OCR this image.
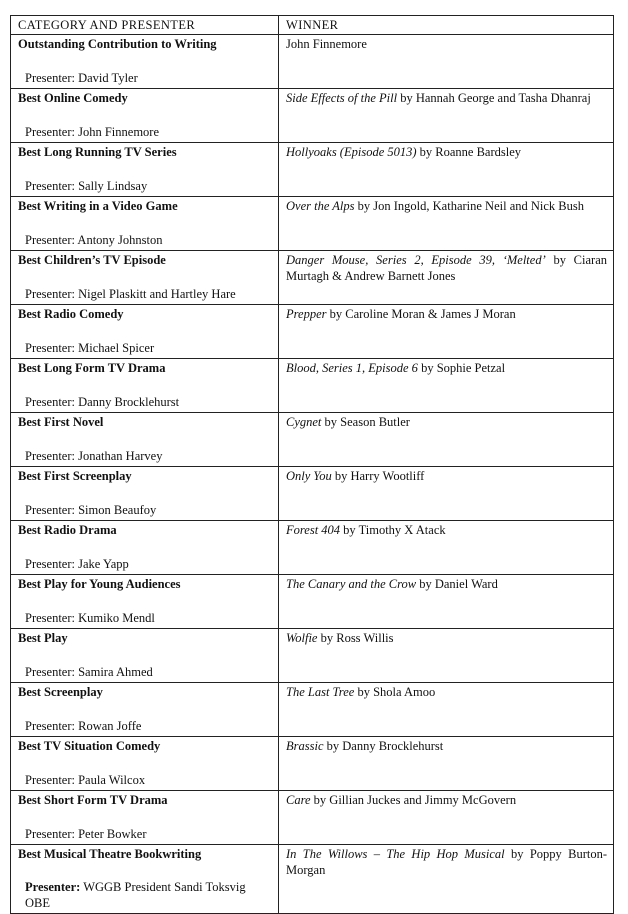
CATEGORY AND PRESENTER	WINNER

Outstanding Contribution to Writing
Presenter: David Tyler	John Finnemore

Best Online Comedy
Presenter: John Finnemore	Side Effects of the Pill by Hannah George and Tasha Dhanraj

Best Long Running TV Series
Presenter: Sally Lindsay	Hollyoaks (Episode 5013) by Roanne Bardsley

Best Writing in a Video Game
Presenter: Antony Johnston	Over the Alps by Jon Ingold, Katharine Neil and Nick Bush

Best Children’s TV Episode
Presenter: Nigel Plaskitt and Hartley Hare	Danger Mouse, Series 2, Episode 39, ‘Melted’ by Ciaran Murtagh & Andrew Barnett Jones

Best Radio Comedy
Presenter: Michael Spicer	Prepper by Caroline Moran & James J Moran

Best Long Form TV Drama
Presenter: Danny Brocklehurst	Blood, Series 1, Episode 6 by Sophie Petzal

Best First Novel
Presenter: Jonathan Harvey	Cygnet by Season Butler

Best First Screenplay
Presenter: Simon Beaufoy	Only You by Harry Wootliff

Best Radio Drama
Presenter: Jake Yapp	Forest 404 by Timothy X Atack

Best Play for Young Audiences
Presenter: Kumiko Mendl	The Canary and the Crow by Daniel Ward

Best Play
Presenter: Samira Ahmed	Wolfie by Ross Willis

Best Screenplay
Presenter: Rowan Joffe	The Last Tree by Shola Amoo

Best TV Situation Comedy
Presenter: Paula Wilcox	Brassic by Danny Brocklehurst

Best Short Form TV Drama
Presenter: Peter Bowker	Care by Gillian Juckes and Jimmy McGovern

Best Musical Theatre Bookwriting
Presenter: WGGB President Sandi Toksvig OBE	In The Willows – The Hip Hop Musical by Poppy Burton-Morgan
